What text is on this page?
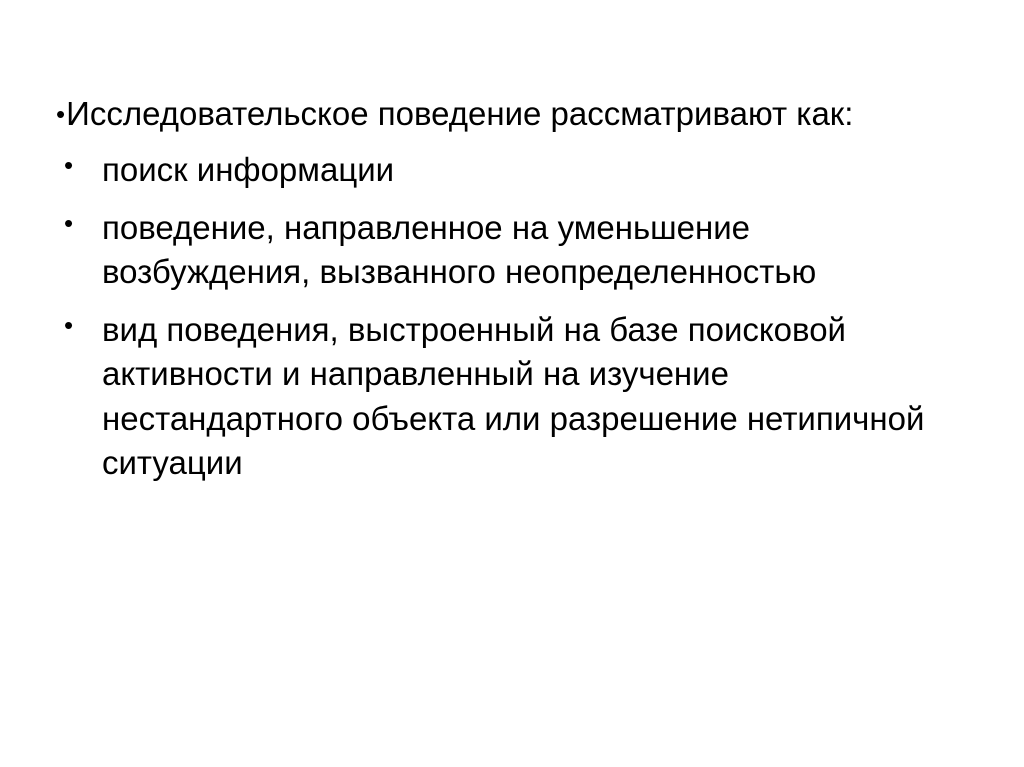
•Исследовательское поведение рассматривают как:

• поиск информации
• поведение, направленное на уменьшение возбуждения, вызванного неопределенностью
• вид поведения, выстроенный на базе поисковой активности и направленный на изучение нестандартного объекта или разрешение нетипичной ситуации
